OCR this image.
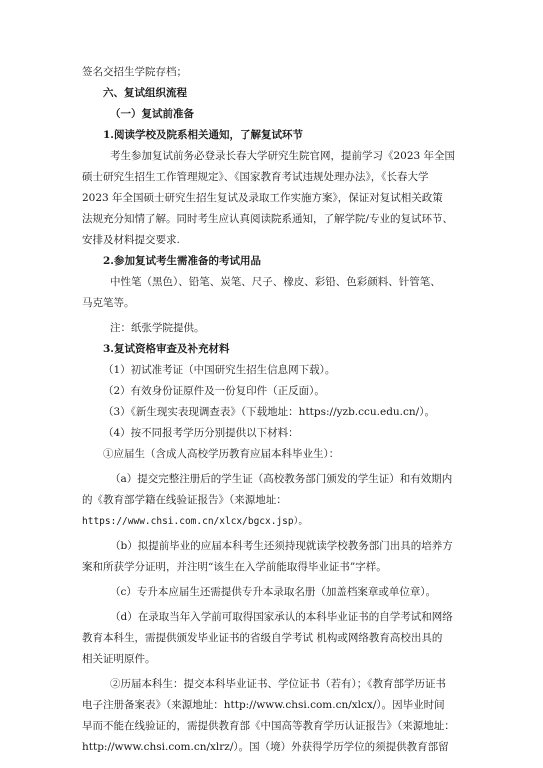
签名交招生学院存档；
六、复试组织流程
（一）复试前准备
1.阅读学校及院系相关通知，了解复试环节
考生参加复试前务必登录长春大学研究生院官网，提前学习《2023 年全国
硕士研究生招生工作管理规定》、《国家教育考试违规处理办法》，《长春大学
2023 年全国硕士研究生招生复试及录取工作实施方案》，保证对复试相关政策
法规充分知情了解。同时考生应认真阅读院系通知，了解学院/专业的复试环节、
安排及材料提交要求.
2.参加复试考生需准备的考试用品
中性笔（黑色）、铅笔、炭笔、尺子、橡皮、彩铅、色彩颜料、针管笔、
马克笔等。
注：纸张学院提供。
3.复试资格审查及补充材料
（1）初试准考证（中国研究生招生信息网下载）。
（2）有效身份证原件及一份复印件（正反面）。
（3）《新生现实表现调查表》（下载地址：https://yzb.ccu.edu.cn/）。
（4）按不同报考学历分别提供以下材料：
①应届生（含成人高校学历教育应届本科毕业生）：
（a）提交完整注册后的学生证（高校教务部门颁发的学生证）和有效期内
的《教育部学籍在线验证报告》（来源地址：
https://www.chsi.com.cn/xlcx/bgcx.jsp）。
（b）拟提前毕业的应届本科考生还须持现就读学校教务部门出具的培养方
案和所获学分证明，并注明“该生在入学前能取得毕业证书”字样。
（c）专升本应届生还需提供专升本录取名册（加盖档案章或单位章）。
（d）在录取当年入学前可取得国家承认的本科毕业证书的自学考试和网络
教育本科生，需提供颁发毕业证书的省级自学考试 机构或网络教育高校出具的
相关证明原件。
②历届本科生：提交本科毕业证书、学位证书（若有）；《教育部学历证书
电子注册备案表》（来源地址：http://www.chsi.com.cn/xlcx/）。因毕业时间
早而不能在线验证的，需提供教育部《中国高等教育学历认证报告》（来源地址：
http://www.chsi.com.cn/xlrz/）。国（境）外获得学历学位的须提供教育部留
